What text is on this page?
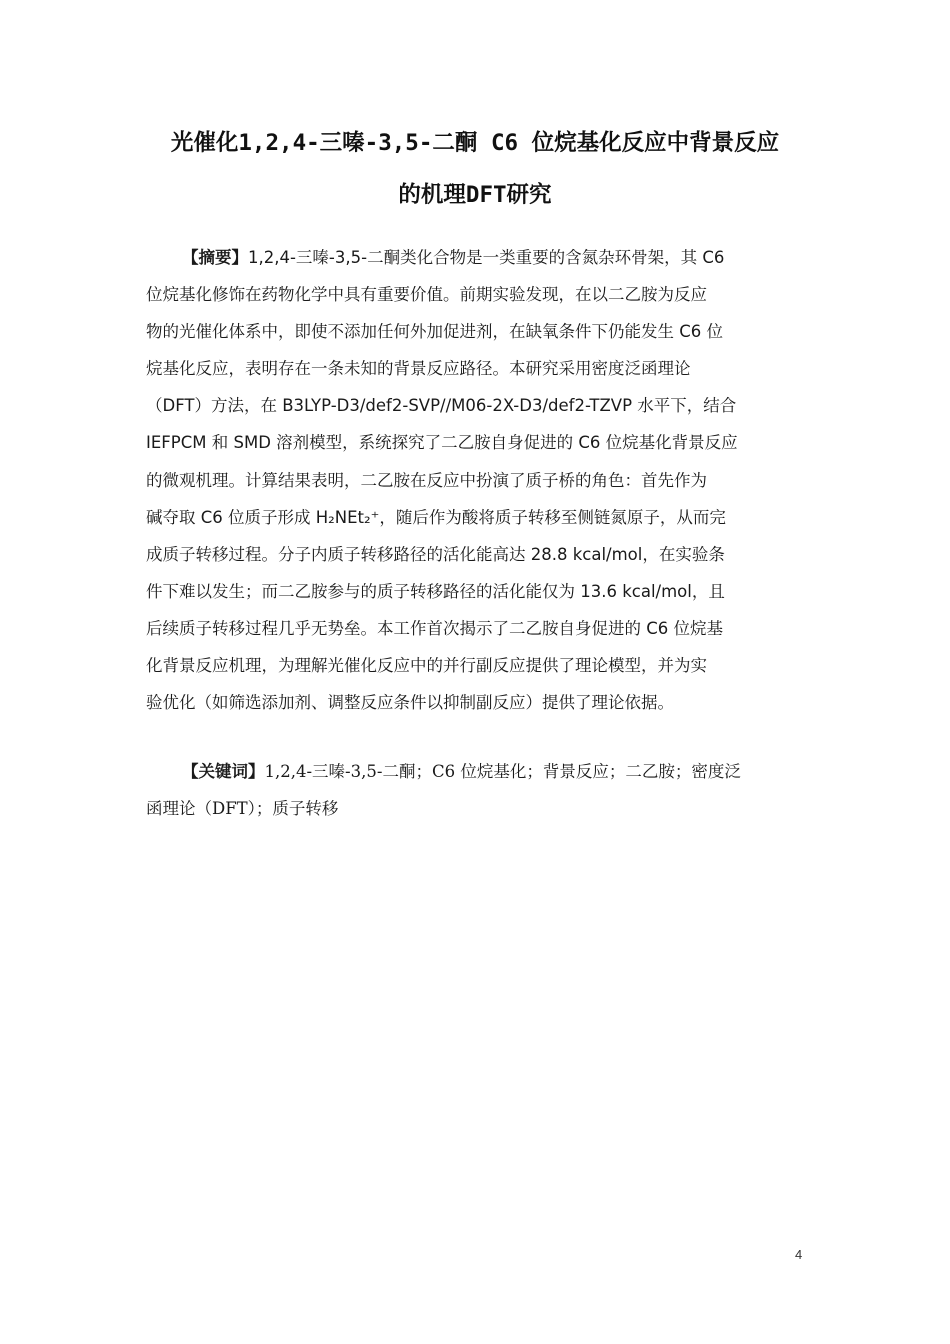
光催化1,2,4-三嗪-3,5-二酮 C6 位烷基化反应中背景反应
的机理DFT研究
【摘要】1,2,4-三嗪-3,5-二酮类化合物是一类重要的含氮杂环骨架，其 C6
位烷基化修饰在药物化学中具有重要价值。前期实验发现，在以二乙胺为反应
物的光催化体系中，即使不添加任何外加促进剂，在缺氧条件下仍能发生 C6 位
烷基化反应，表明存在一条未知的背景反应路径。本研究采用密度泛函理论
（DFT）方法，在 B3LYP-D3/def2-SVP//M06-2X-D3/def2-TZVP 水平下，结合
IEFPCM 和 SMD 溶剂模型，系统探究了二乙胺自身促进的 C6 位烷基化背景反应
的微观机理。计算结果表明，二乙胺在反应中扮演了质子桥的角色：首先作为
碱夺取 C6 位质子形成 H₂NEt₂⁺，随后作为酸将质子转移至侧链氮原子，从而完
成质子转移过程。分子内质子转移路径的活化能高达 28.8 kcal/mol，在实验条
件下难以发生；而二乙胺参与的质子转移路径的活化能仅为 13.6 kcal/mol，且
后续质子转移过程几乎无势垒。本工作首次揭示了二乙胺自身促进的 C6 位烷基
化背景反应机理，为理解光催化反应中的并行副反应提供了理论模型，并为实
验优化（如筛选添加剂、调整反应条件以抑制副反应）提供了理论依据。
【关键词】1,2,4-三嗪-3,5-二酮；C6 位烷基化；背景反应；二乙胺；密度泛
函理论（DFT）；质子转移
4
